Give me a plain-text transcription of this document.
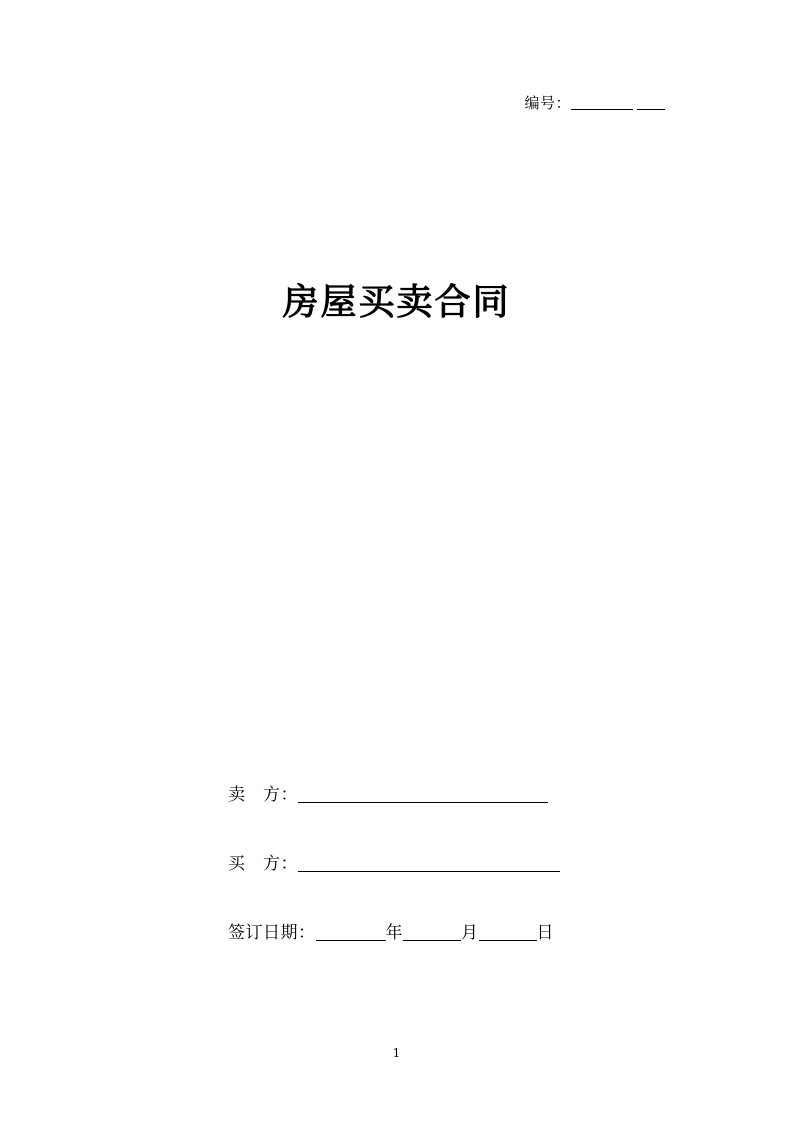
编号：
房屋买卖合同
卖　方：
买　方：
签订日期：	年	月	日
1
